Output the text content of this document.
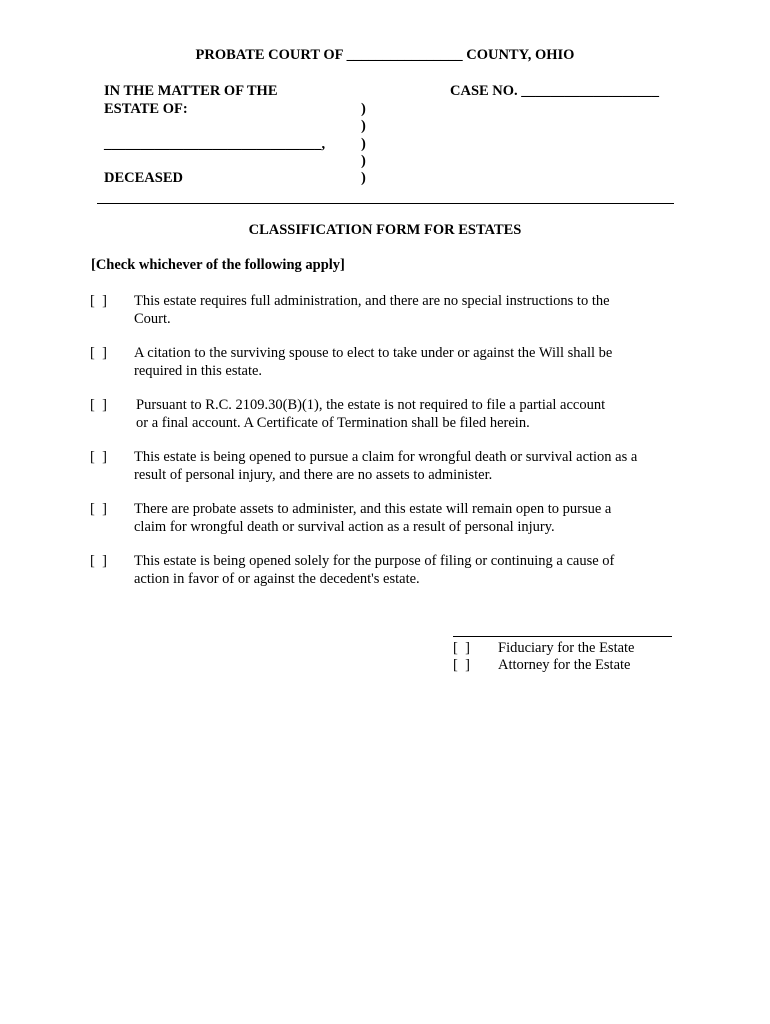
PROBATE COURT OF ________________ COUNTY, OHIO
IN THE MATTER OF THE
ESTATE OF:
______________________________,
DECEASED
CASE NO. ___________________
)
)
)
)
)
CLASSIFICATION FORM FOR ESTATES
[Check whichever of the following apply]
[  ] This estate requires full administration, and there are no special instructions to the
Court.
[  ] A citation to the surviving spouse to elect to take under or against the Will shall be
required in this estate.
[  ] Pursuant to R.C. 2109.30(B)(1), the estate is not required to file a partial account
or a final account. A Certificate of Termination shall be filed herein.
[  ] This estate is being opened to pursue a claim for wrongful death or survival action as a
result of personal injury, and there are no assets to administer.
[  ] There are probate assets to administer, and this estate will remain open to pursue a
claim for wrongful death or survival action as a result of personal injury.
[  ] This estate is being opened solely for the purpose of filing or continuing a cause of
action in favor of or against the decedent's estate.
[  ] Fiduciary for the Estate
[  ] Attorney for the Estate
